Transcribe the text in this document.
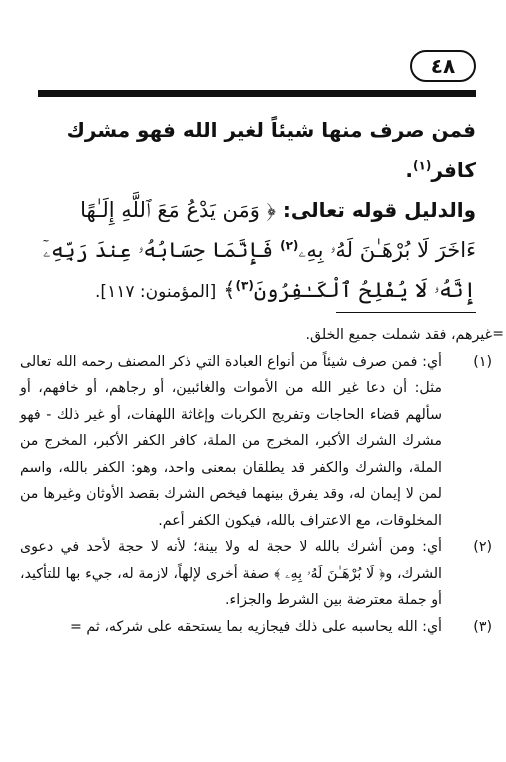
٤٨

فمن صرف منها شيئاً لغير الله فهو مشرك كافر$^{(١)}$.

والدليل قوله تعالى: ﴿ وَمَن يَدْعُ مَعَ ٱللَّهِ إِلَـٰهًا ءَاخَرَ لَا بُرْهَـٰنَ لَهُۥ بِهِۦ$^{(٢)}$ فَإِنَّمَا حِسَابُهُۥ عِندَ رَبِّهِۦٓ إِنَّهُۥ لَا يُفْلِحُ ٱلْكَـٰفِرُونَ$^{(٣)}$﴾ [المؤمنون: ١١٧].

=

غيرهم، فقد شملت جميع الخلق.

(١)

أي: فمن صرف شيئاً من أنواع العبادة التي ذكر المصنف رحمه الله تعالى مثل: أن دعا غير الله من الأموات والغائبين، أو رجاهم، أو خافهم، أو سألهم قضاء الحاجات وتفريج الكربات وإغاثة اللهفات، أو غير ذلك - فهو مشرك الشرك الأكبر، المخرج من الملة، كافر الكفر الأكبر، المخرج من الملة، والشرك والكفر قد يطلقان بمعنى واحد، وهو: الكفر بالله، واسم لمن لا إيمان له، وقد يفرق بينهما فيخص الشرك بقصد الأوثان وغيرها من المخلوقات، مع الاعتراف بالله، فيكون الكفر أعم.

(٢)

أي: ومن أشرك بالله لا حجة له ولا بينة؛ لأنه لا حجة لأحد في دعوى الشرك، و﴿ لَا بُرْهَـٰنَ لَهُۥ بِهِۦ ﴾ صفة أخرى لإلهاً، لازمة له، جيء بها للتأكيد، أو جملة معترضة بين الشرط والجزاء.

(٣)

أي: الله يحاسبه على ذلك فيجازيه بما يستحقه على شركه، ثم =
